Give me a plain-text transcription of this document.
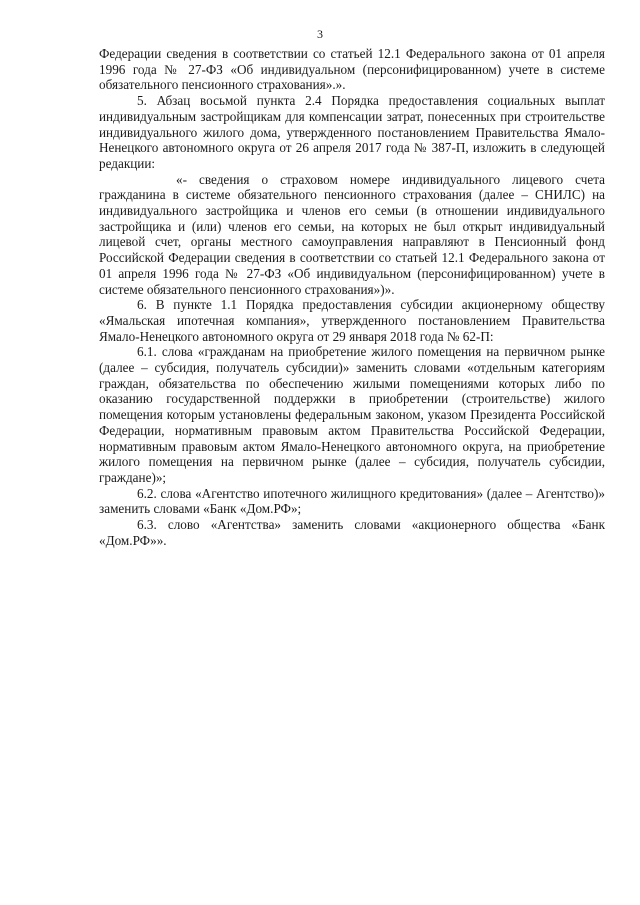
3

Федерации сведения в соответствии со статьей 12.1 Федерального закона от 01 апреля 1996 года № 27-ФЗ «Об индивидуальном (персонифицированном) учете в системе обязательного пенсионного страхования».».

5. Абзац восьмой пункта 2.4 Порядка предоставления социальных выплат индивидуальным застройщикам для компенсации затрат, понесенных при строительстве индивидуального жилого дома, утвержденного постановлением Правительства Ямало-Ненецкого автономного округа от 26 апреля 2017 года № 387-П, изложить в следующей редакции:

«- сведения о страховом номере индивидуального лицевого счета гражданина в системе обязательного пенсионного страхования (далее – СНИЛС) на индивидуального застройщика и членов его семьи (в отношении индивидуального застройщика и (или) членов его семьи, на которых не был открыт индивидуальный лицевой счет, органы местного самоуправления направляют в Пенсионный фонд Российской Федерации сведения в соответствии со статьей 12.1 Федерального закона от 01 апреля 1996 года № 27-ФЗ «Об индивидуальном (персонифицированном) учете в системе обязательного пенсионного страхования»)».

6. В пункте 1.1 Порядка предоставления субсидии акционерному обществу «Ямальская ипотечная компания», утвержденного постановлением Правительства Ямало-Ненецкого автономного округа от 29 января 2018 года № 62-П:

6.1. слова «гражданам на приобретение жилого помещения на первичном рынке (далее – субсидия, получатель субсидии)» заменить словами «отдельным категориям граждан, обязательства по обеспечению жилыми помещениями которых либо по оказанию государственной поддержки в приобретении (строительстве) жилого помещения которым установлены федеральным законом, указом Президента Российской Федерации, нормативным правовым актом Правительства Российской Федерации, нормативным правовым актом Ямало-Ненецкого автономного округа, на приобретение жилого помещения на первичном рынке (далее – субсидия, получатель субсидии, граждане)»;

6.2. слова «Агентство ипотечного жилищного кредитования» (далее – Агентство)» заменить словами «Банк «Дом.РФ»;

6.3. слово «Агентства» заменить словами «акционерного общества «Банк «Дом.РФ»».
